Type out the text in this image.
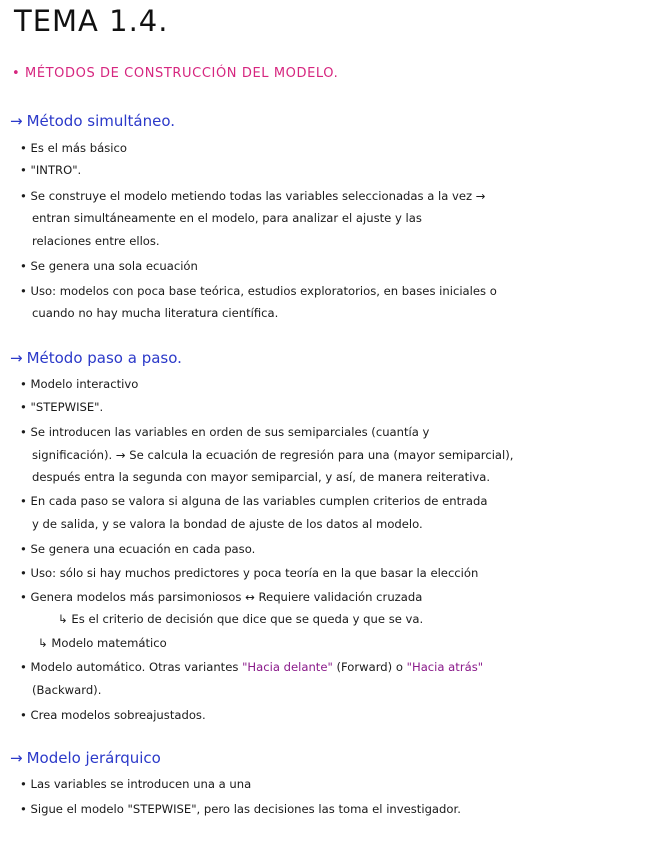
TEMA 1.4.
• MÉTODOS DE CONSTRUCCIÓN DEL MODELO.
→ Método simultáneo.
• Es el más básico
• "INTRO".
• Se construye el modelo metiendo todas las variables seleccionadas a la vez →
entran simultáneamente en el modelo, para analizar el ajuste y las
relaciones entre ellos.
• Se genera una sola ecuación
• Uso: modelos con poca base teórica, estudios exploratorios, en bases iniciales o
cuando no hay mucha literatura científica.
→ Método paso a paso.
• Modelo interactivo
• "STEPWISE".
• Se introducen las variables en orden de sus semiparciales (cuantía y
significación). → Se calcula la ecuación de regresión para una (mayor semiparcial),
después entra la segunda con mayor semiparcial, y así, de manera reiterativa.
• En cada paso se valora si alguna de las variables cumplen criterios de entrada
y de salida, y se valora la bondad de ajuste de los datos al modelo.
• Se genera una ecuación en cada paso.
• Uso: sólo si hay muchos predictores y poca teoría en la que basar la elección
• Genera modelos más parsimoniosos ↔ Requiere validación cruzada
↳ Es el criterio de decisión que dice que se queda y que se va.
↳ Modelo matemático
• Modelo automático. Otras variantes "Hacia delante" (Forward) o "Hacia atrás"
(Backward).
• Crea modelos sobreajustados.
→ Modelo jerárquico
• Las variables se introducen una a una
• Sigue el modelo "STEPWISE", pero las decisiones las toma el investigador.
